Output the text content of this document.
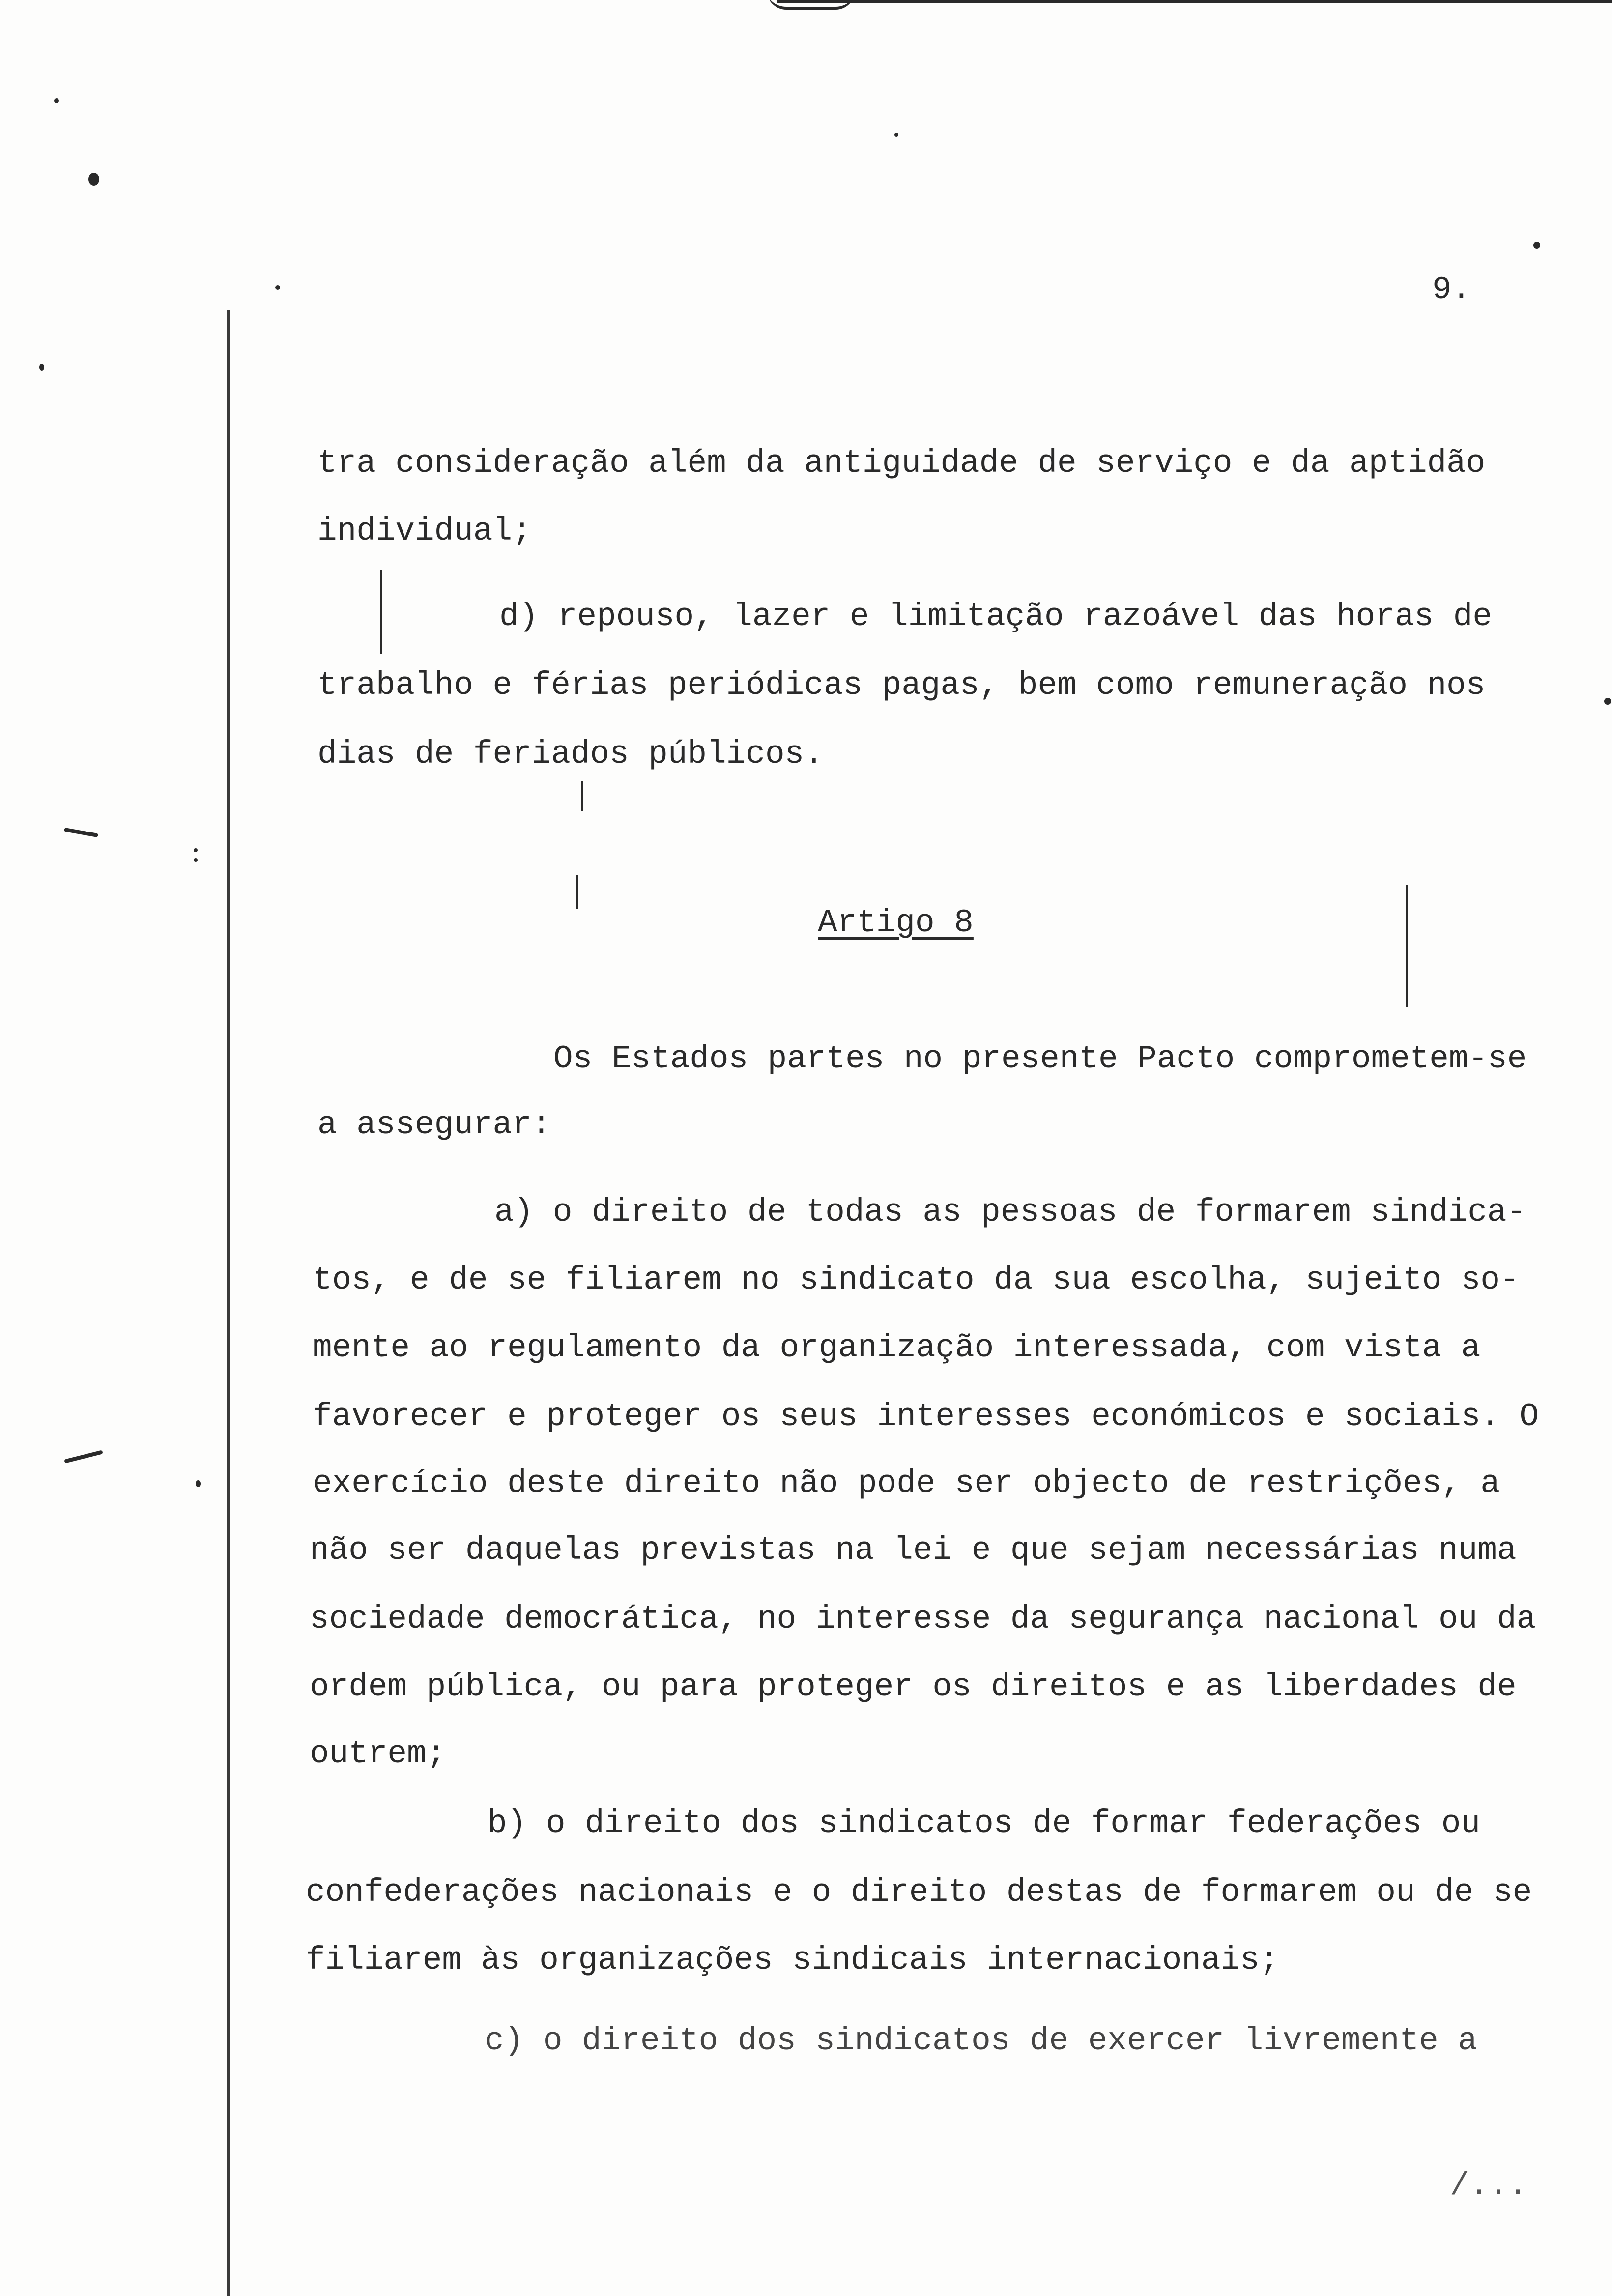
9.
tra consideração além da antiguidade de serviço e da aptidão
individual;
d) repouso, lazer e limitação razoável das horas de
trabalho e férias periódicas pagas, bem como remuneração nos
dias de feriados públicos.
Artigo 8
Os Estados partes no presente Pacto comprometem-se
a assegurar:
a) o direito de todas as pessoas de formarem sindica-
tos, e de se filiarem no sindicato da sua escolha, sujeito so-
mente ao regulamento da organização interessada, com vista a
favorecer e proteger os seus interesses económicos e sociais. O
exercício deste direito não pode ser objecto de restrições, a
não ser daquelas previstas na lei e que sejam necessárias numa
sociedade democrática, no interesse da segurança nacional ou da
ordem pública, ou para proteger os direitos e as liberdades de
outrem;
b) o direito dos sindicatos de formar federações ou
confederações nacionais e o direito destas de formarem ou de se
filiarem às organizações sindicais internacionais;
c) o direito dos sindicatos de exercer livremente a
/...
